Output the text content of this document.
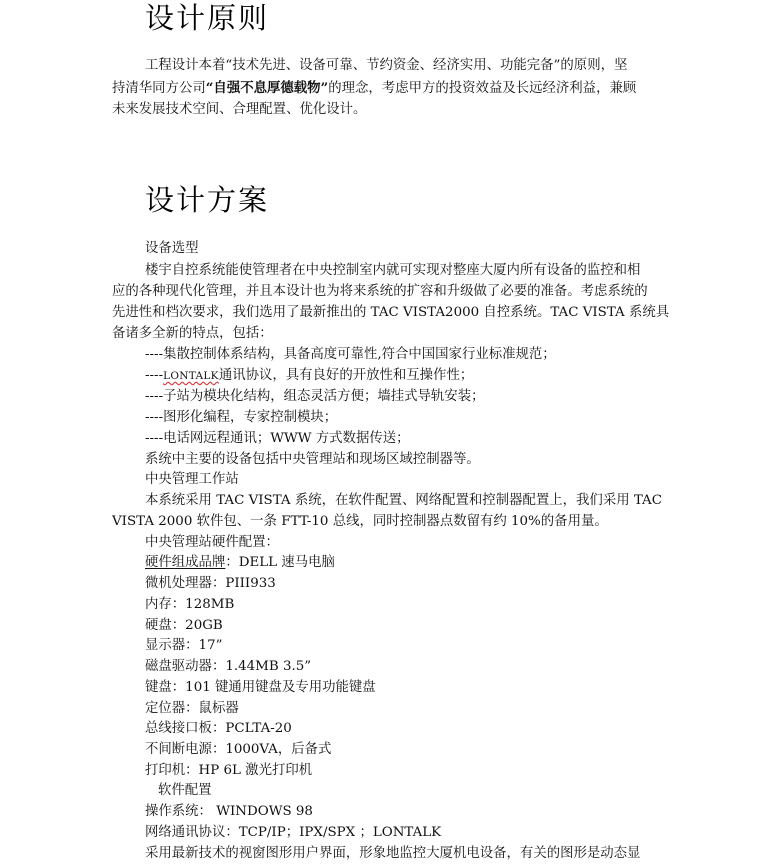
设计原则
工程设计本着“技术先进、设备可靠、节约资金、经济实用、功能完备”的原则，坚
持清华同方公司“自强不息厚德载物”的理念，考虑甲方的投资效益及长远经济利益，兼顾
未来发展技术空间、合理配置、优化设计。
设计方案
设备选型
楼宇自控系统能使管理者在中央控制室内就可实现对整座大厦内所有设备的监控和相
应的各种现代化管理，并且本设计也为将来系统的扩容和升级做了必要的准备。考虑系统的
先进性和档次要求，我们选用了最新推出的 TAC VISTA2000 自控系统。TAC VISTA 系统具
备诸多全新的特点，包括：
----集散控制体系结构，具备高度可靠性,符合中国国家行业标准规范；
----LONTALK通讯协议，具有良好的开放性和互操作性；
----子站为模块化结构，组态灵活方便；墙挂式导轨安装；
----图形化编程，专家控制模块；
----电话网远程通讯；WWW 方式数据传送；
系统中主要的设备包括中央管理站和现场区域控制器等。
中央管理工作站
本系统采用 TAC VISTA 系统，在软件配置、网络配置和控制器配置上，我们采用 TAC
VISTA 2000 软件包、一条 FTT-10 总线，同时控制器点数留有约 10%的备用量。
中央管理站硬件配置：
硬件组成品牌：DELL 速马电脑
微机处理器：PIII933
内存：128MB
硬盘：20GB
显示器：17”
磁盘驱动器：1.44MB 3.5”
键盘：101 键通用键盘及专用功能键盘
定位器：鼠标器
总线接口板：PCLTA-20
不间断电源：1000VA，后备式
打印机：HP 6L 激光打印机
软件配置
操作系统： WINDOWS 98
网络通讯协议：TCP/IP；IPX/SPX ；LONTALK
采用最新技术的视窗图形用户界面，形象地监控大厦机电设备，有关的图形是动态显
